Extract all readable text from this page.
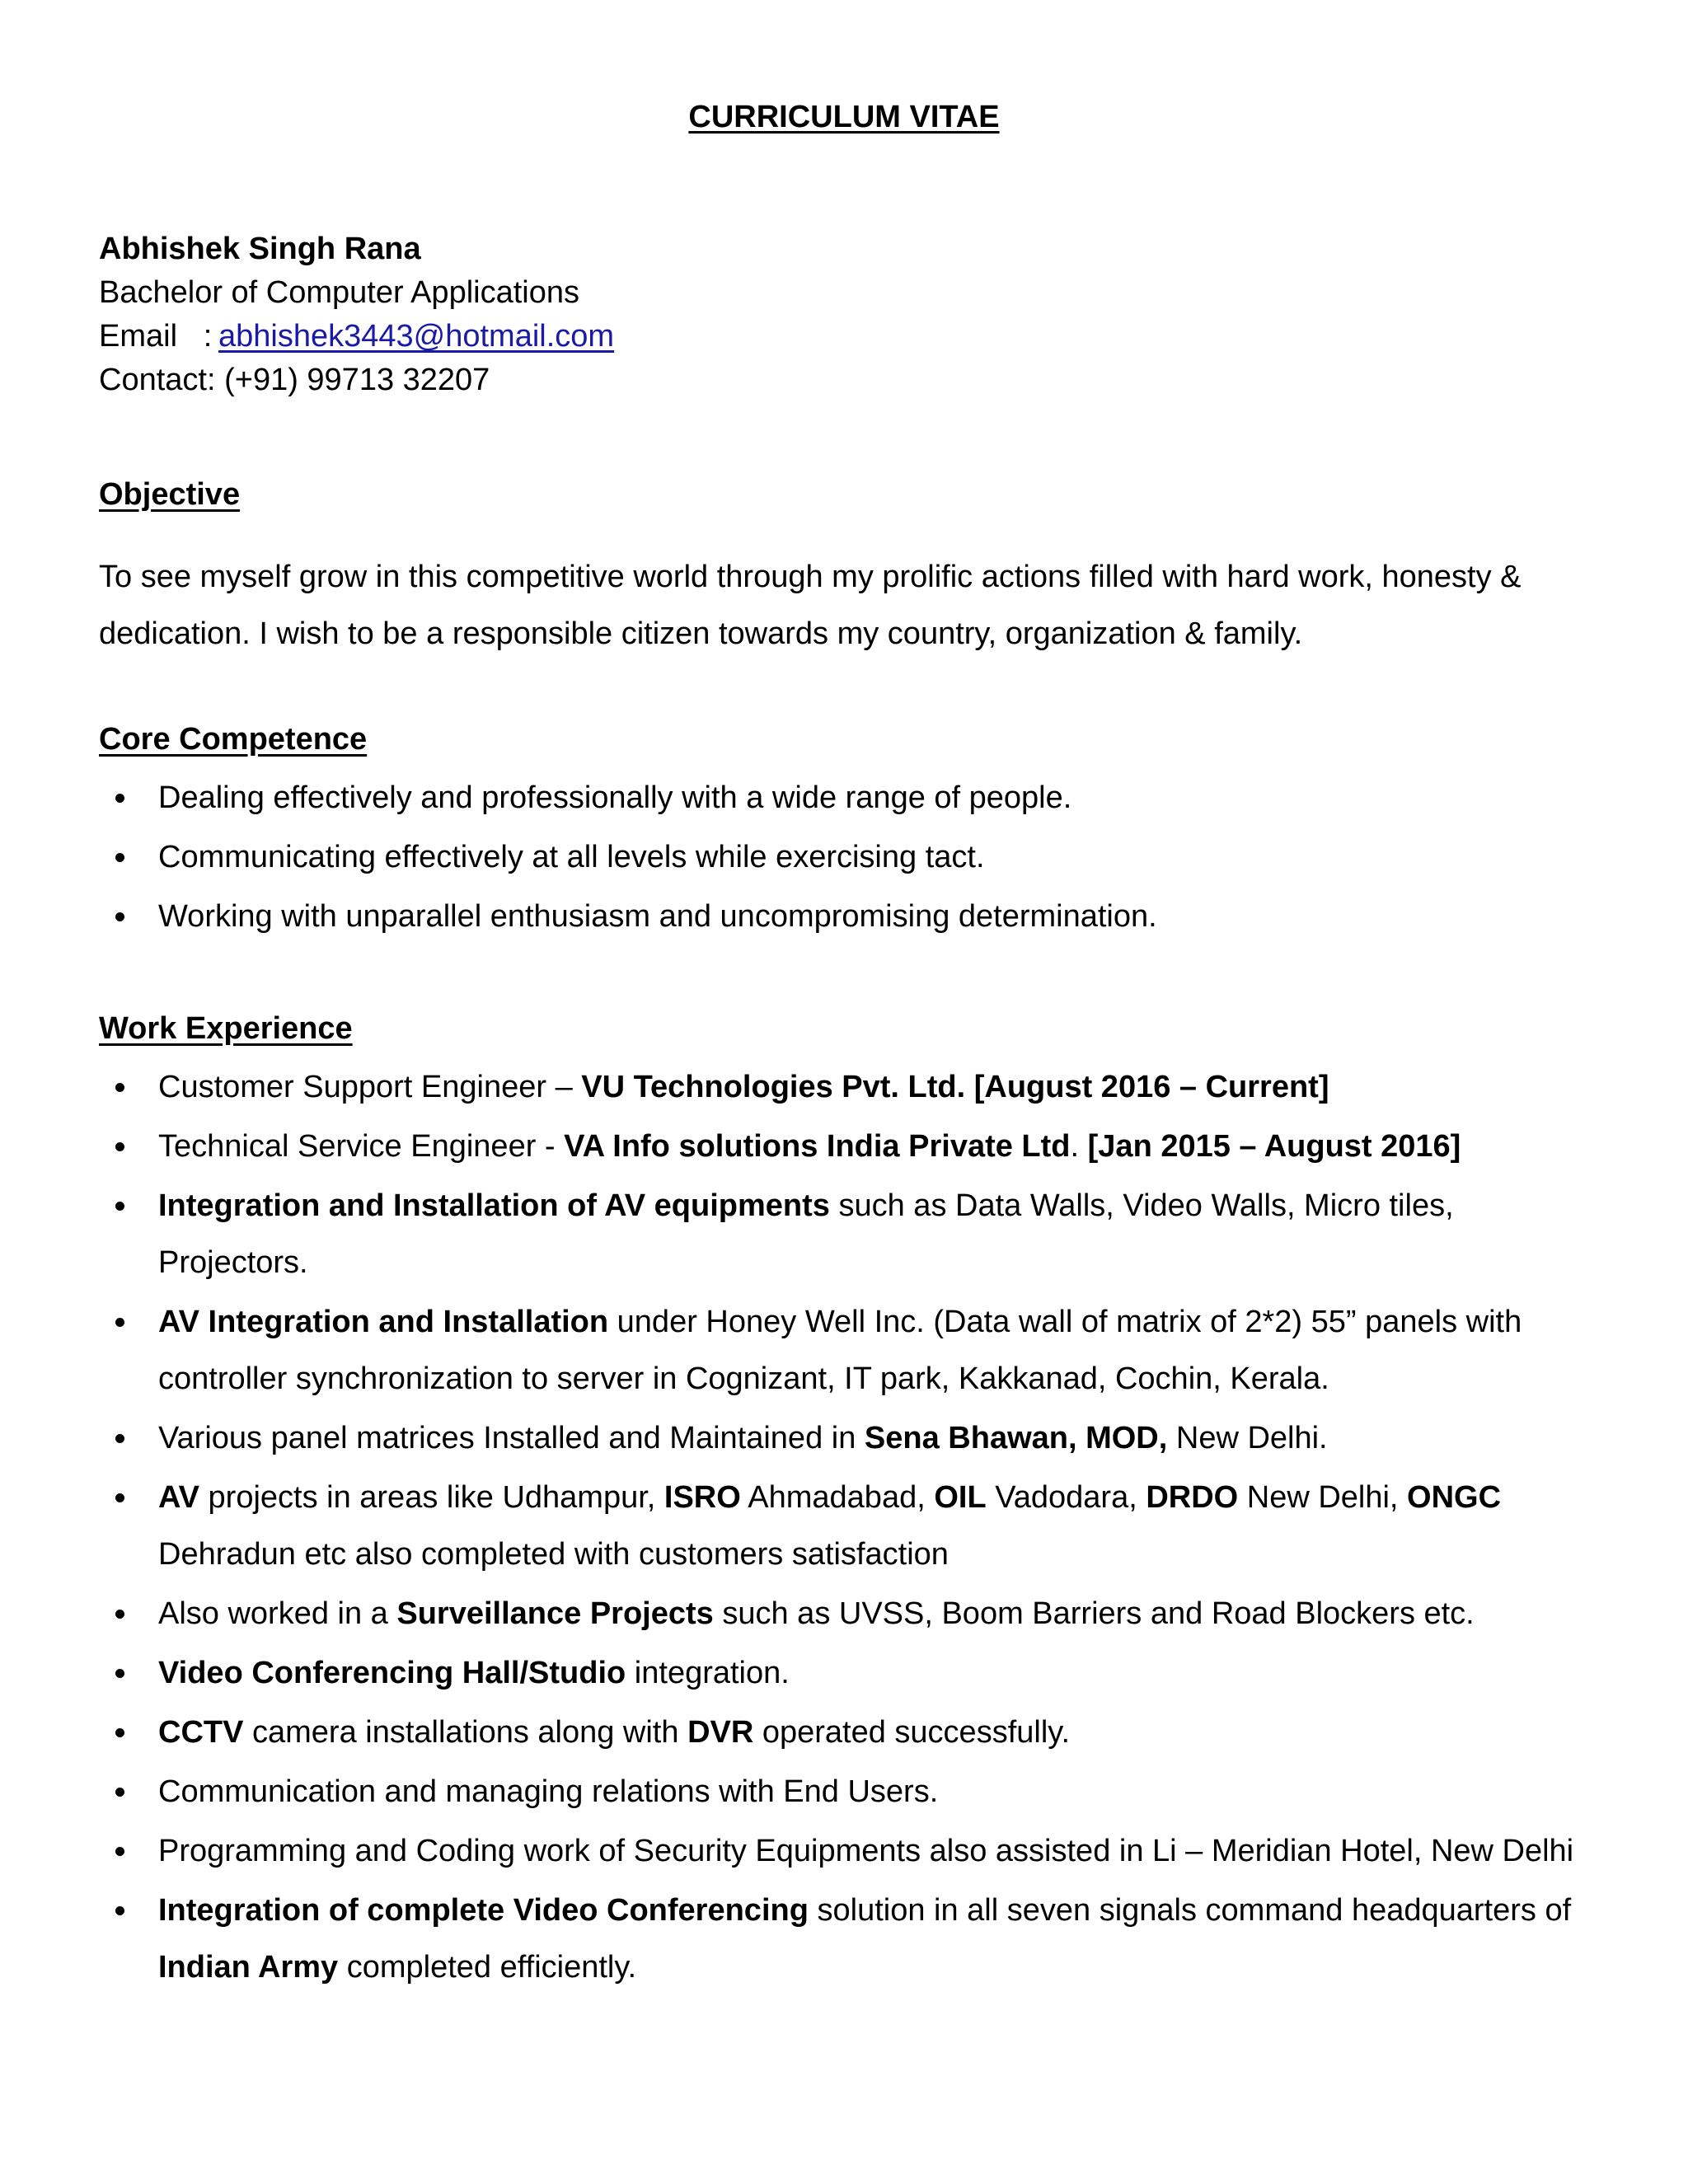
CURRICULUM VITAE
Abhishek Singh Rana
Bachelor of Computer Applications
Email : abhishek3443@hotmail.com
Contact: (+91) 99713 32207
Objective

To see myself grow in this competitive world through my prolific actions filled with hard work, honesty & dedication. I wish to be a responsible citizen towards my country, organization & family.

Core Competence
Dealing effectively and professionally with a wide range of people.
Communicating effectively at all levels while exercising tact.
Working with unparallel enthusiasm and uncompromising determination.
Work Experience
Customer Support Engineer – VU Technologies Pvt. Ltd. [August 2016 – Current]
Technical Service Engineer - VA Info solutions India Private Ltd. [Jan 2015 – August 2016]
Integration and Installation of AV equipments such as Data Walls, Video Walls, Micro tiles, Projectors.
AV Integration and Installation under Honey Well Inc. (Data wall of matrix of 2*2) 55” panels with controller synchronization to server in Cognizant, IT park, Kakkanad, Cochin, Kerala.
Various panel matrices Installed and Maintained in Sena Bhawan, MOD, New Delhi.
AV projects in areas like Udhampur, ISRO Ahmadabad, OIL Vadodara, DRDO New Delhi, ONGC Dehradun etc also completed with customers satisfaction
Also worked in a Surveillance Projects such as UVSS, Boom Barriers and Road Blockers etc.
Video Conferencing Hall/Studio integration.
CCTV camera installations along with DVR operated successfully.
Communication and managing relations with End Users.
Programming and Coding work of Security Equipments also assisted in Li – Meridian Hotel, New Delhi
Integration of complete Video Conferencing solution in all seven signals command headquarters of Indian Army completed efficiently.
